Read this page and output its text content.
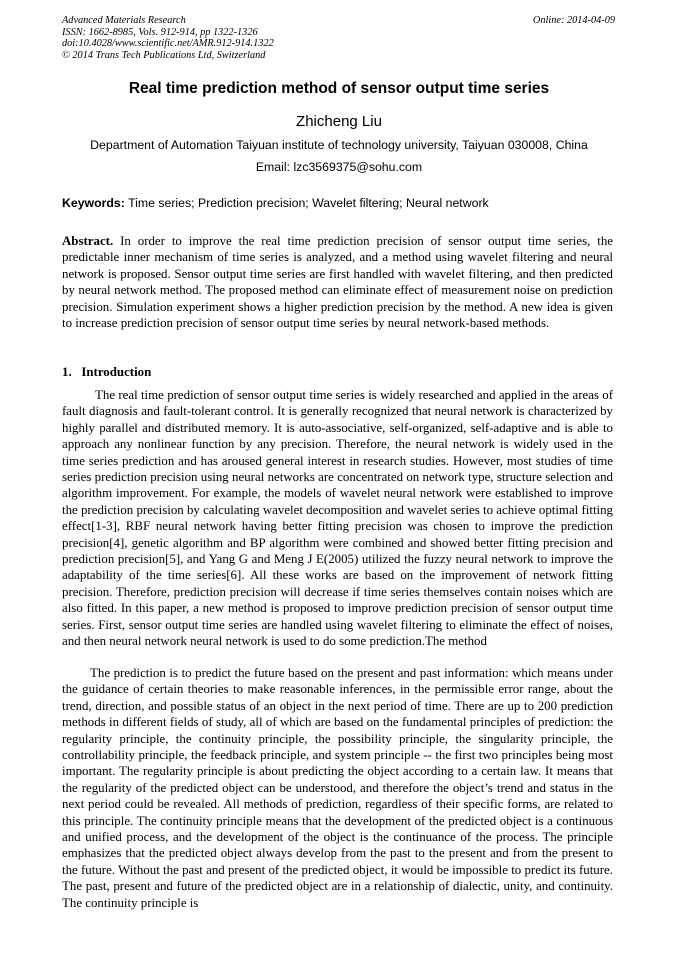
Advanced Materials Research
ISSN: 1662-8985, Vols. 912-914, pp 1322-1326
doi:10.4028/www.scientific.net/AMR.912-914.1322
© 2014 Trans Tech Publications Ltd, Switzerland
Online: 2014-04-09
Real time prediction method of sensor output time series
Zhicheng Liu
Department of Automation Taiyuan institute of technology university, Taiyuan 030008, China
Email: lzc3569375@sohu.com
Keywords: Time series; Prediction precision; Wavelet filtering; Neural network

Abstract. In order to improve the real time prediction precision of sensor output time series, the predictable inner mechanism of time series is analyzed, and a method using wavelet filtering and neural network is proposed. Sensor output time series are first handled with wavelet filtering, and then predicted by neural network method. The proposed method can eliminate effect of measurement noise on prediction precision. Simulation experiment shows a higher prediction precision by the method. A new idea is given to increase prediction precision of sensor output time series by neural network-based methods.

1.   Introduction

The real time prediction of sensor output time series is widely researched and applied in the areas of fault diagnosis and fault-tolerant control. It is generally recognized that neural network is characterized by highly parallel and distributed memory. It is auto-associative, self-organized, self-adaptive and is able to approach any nonlinear function by any precision. Therefore, the neural network is widely used in the time series prediction and has aroused general interest in research studies. However, most studies of time series prediction precision using neural networks are concentrated on network type, structure selection and algorithm improvement. For example, the models of wavelet neural network were established to improve the prediction precision by calculating wavelet decomposition and wavelet series to achieve optimal fitting effect[1-3], RBF neural network having better fitting precision was chosen to improve the prediction precision[4], genetic algorithm and BP algorithm were combined and showed better fitting precision and prediction precision[5], and Yang G and Meng J E(2005) utilized the fuzzy neural network to improve the adaptability of the time series[6]. All these works are based on the improvement of network fitting precision. Therefore, prediction precision will decrease if time series themselves contain noises which are also fitted. In this paper, a new method is proposed to improve prediction precision of sensor output time series. First, sensor output time series are handled using wavelet filtering to eliminate the effect of noises, and then neural network neural network is used to do some prediction.The method

The prediction is to predict the future based on the present and past information: which means under the guidance of certain theories to make reasonable inferences, in the permissible error range, about the trend, direction, and possible status of an object in the next period of time. There are up to 200 prediction methods in different fields of study, all of which are based on the fundamental principles of prediction: the regularity principle, the continuity principle, the possibility principle, the singularity principle, the controllability principle, the feedback principle, and system principle -- the first two principles being most important. The regularity principle is about predicting the object according to a certain law. It means that the regularity of the predicted object can be understood, and therefore the object’s trend and status in the next period could be revealed. All methods of prediction, regardless of their specific forms, are related to this principle. The continuity principle means that the development of the predicted object is a continuous and unified process, and the development of the object is the continuance of the process. The principle emphasizes that the predicted object always develop from the past to the present and from the present to the future. Without the past and present of the predicted object, it would be impossible to predict its future. The past, present and future of the predicted object are in a relationship of dialectic, unity, and continuity. The continuity principle is
